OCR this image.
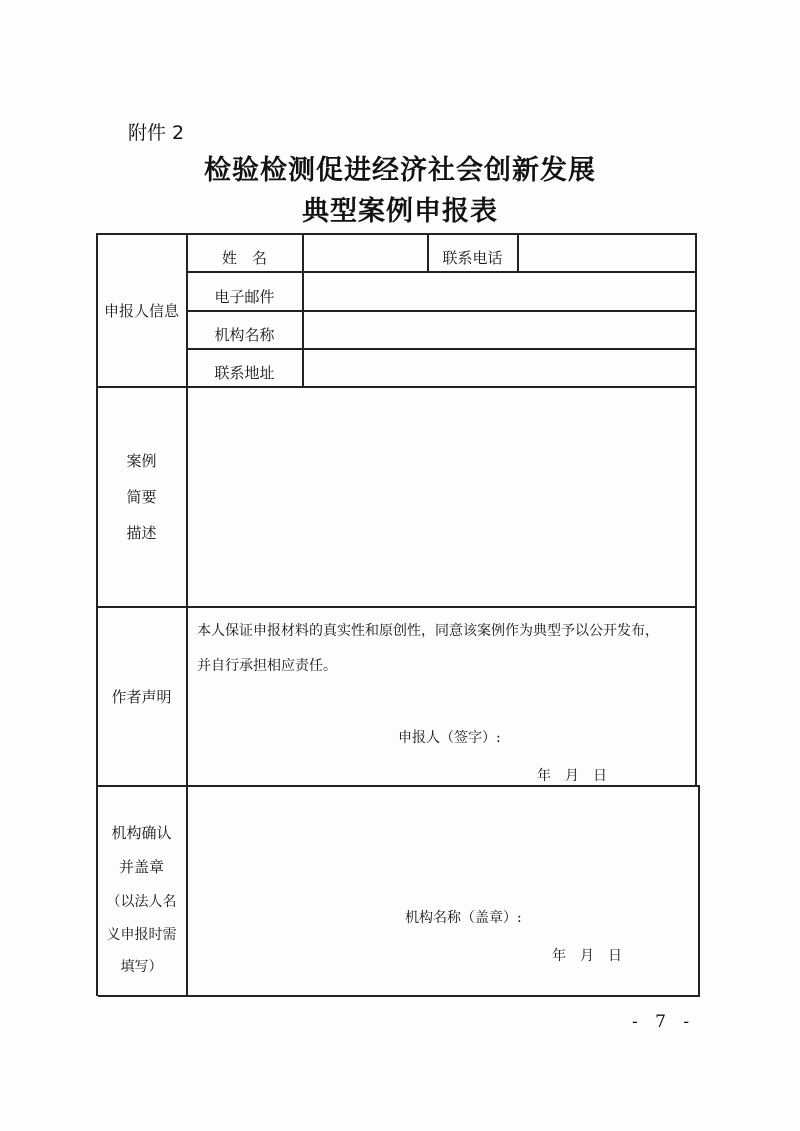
附件 2
检验检测促进经济社会创新发展
典型案例申报表
申报人信息
姓　名	联系电话
电子邮件
机构名称
联系地址
案例
简要
描述
作者声明
本人保证申报材料的真实性和原创性，同意该案例作为典型予以公开发布，
并自行承担相应责任。
申报人（签字）:
年　月　日
机构确认
并盖章
（以法人名
义申报时需
填写）
机构名称（盖章）:
年　月　日
- 7 -
